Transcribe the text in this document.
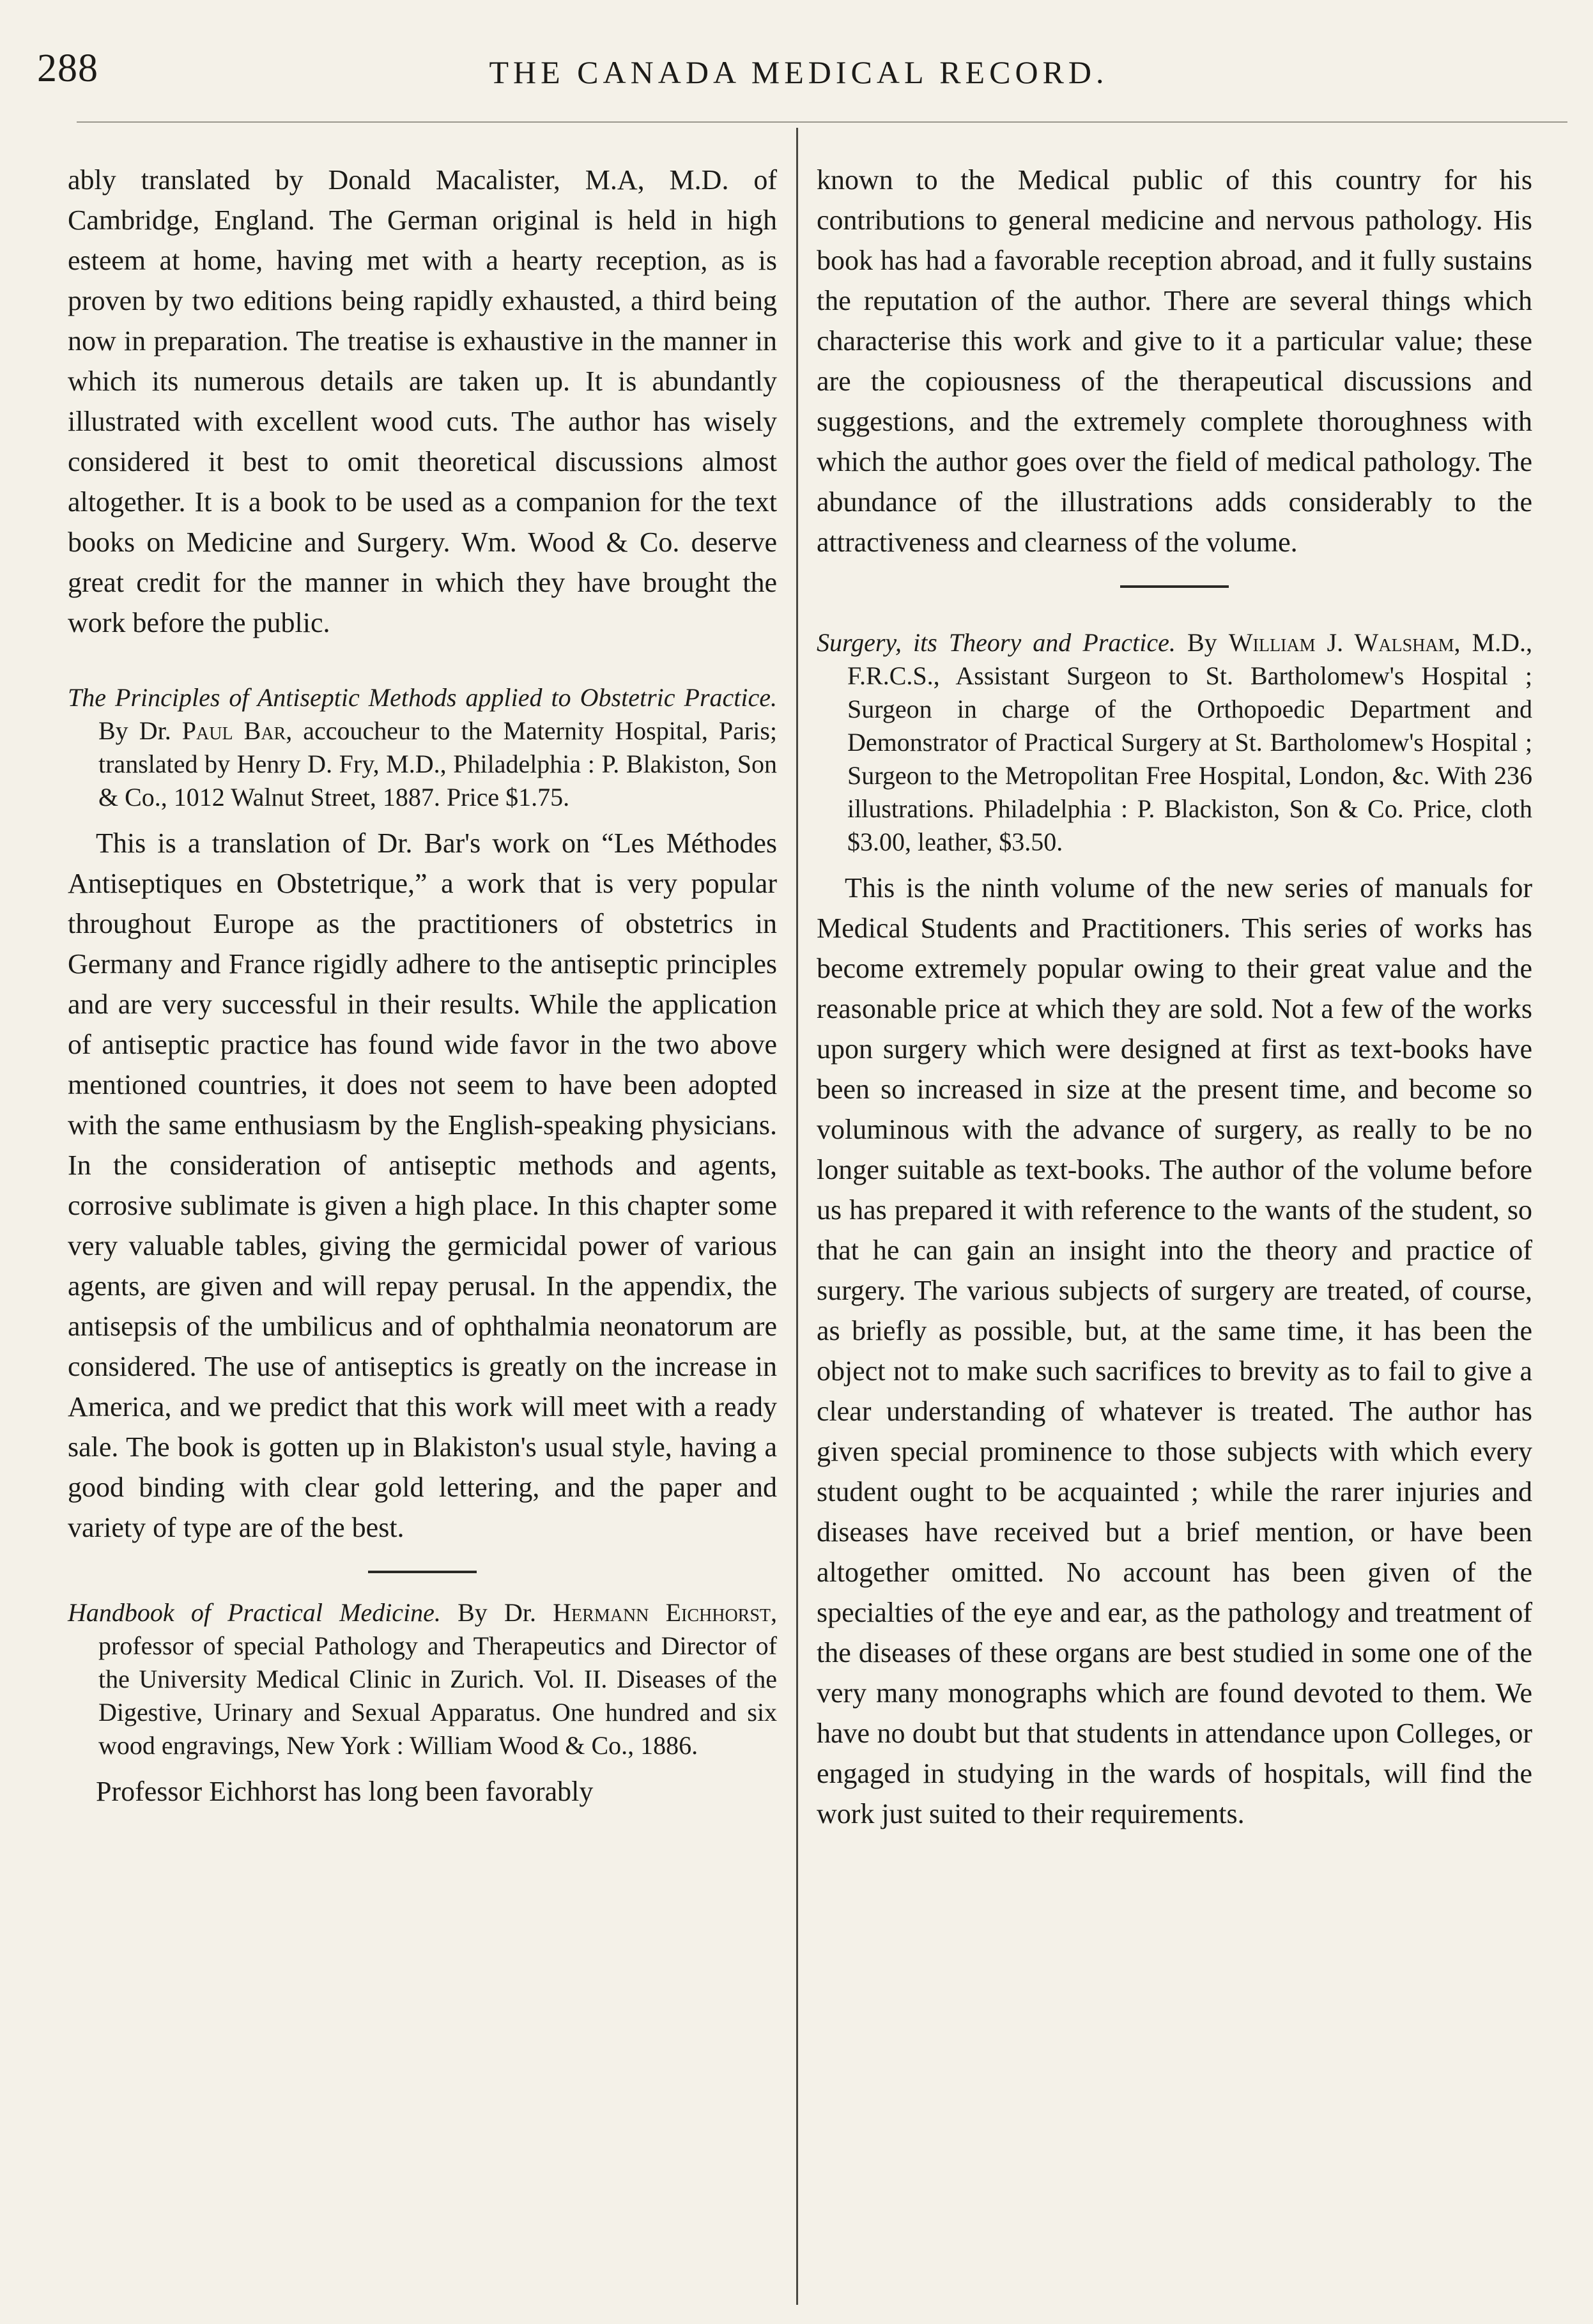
288	THE CANADA MEDICAL RECORD.

ably translated by Donald Macalister, M.A, M.D. of Cambridge, England. The German original is held in high esteem at home, having met with a hearty reception, as is proven by two editions being rapidly exhausted, a third being now in preparation. The treatise is exhaustive in the manner in which its numerous details are taken up. It is abundantly illustrated with excellent wood cuts. The author has wisely considered it best to omit theoretical discussions almost altogether. It is a book to be used as a companion for the text books on Medicine and Surgery. Wm. Wood & Co. deserve great credit for the manner in which they have brought the work before the public.

The Principles of Antiseptic Methods applied to Obstetric Practice. By Dr. Paul Bar, accoucheur to the Maternity Hospital, Paris; translated by Henry D. Fry, M.D., Philadelphia : P. Blakiston, Son & Co., 1012 Walnut Street, 1887. Price $1.75.

This is a translation of Dr. Bar's work on “Les Méthodes Antiseptiques en Obstetrique,” a work that is very popular throughout Europe as the practitioners of obstetrics in Germany and France rigidly adhere to the antiseptic principles and are very successful in their results. While the application of antiseptic practice has found wide favor in the two above mentioned countries, it does not seem to have been adopted with the same enthusiasm by the English-speaking physicians. In the consideration of antiseptic methods and agents, corrosive sublimate is given a high place. In this chapter some very valuable tables, giving the germicidal power of various agents, are given and will repay perusal. In the appendix, the antisepsis of the umbilicus and of ophthalmia neonatorum are considered. The use of antiseptics is greatly on the increase in America, and we predict that this work will meet with a ready sale. The book is gotten up in Blakiston's usual style, having a good binding with clear gold lettering, and the paper and variety of type are of the best.

Handbook of Practical Medicine. By Dr. Hermann Eichhorst, professor of special Pathology and Therapeutics and Director of the University Medical Clinic in Zurich. Vol. II. Diseases of the Digestive, Urinary and Sexual Apparatus. One hundred and six wood engravings, New York : William Wood & Co., 1886.

Professor Eichhorst has long been favorably

known to the Medical public of this country for his contributions to general medicine and nervous pathology. His book has had a favorable reception abroad, and it fully sustains the reputation of the author. There are several things which characterise this work and give to it a particular value; these are the copiousness of the therapeutical discussions and suggestions, and the extremely complete thoroughness with which the author goes over the field of medical pathology. The abundance of the illustrations adds considerably to the attractiveness and clearness of the volume.

Surgery, its Theory and Practice. By William J. Walsham, M.D., F.R.C.S., Assistant Surgeon to St. Bartholomew's Hospital ; Surgeon in charge of the Orthopoedic Department and Demonstrator of Practical Surgery at St. Bartholomew's Hospital ; Surgeon to the Metropolitan Free Hospital, London, &c. With 236 illustrations. Philadelphia : P. Blackiston, Son & Co. Price, cloth $3.00, leather, $3.50.

This is the ninth volume of the new series of manuals for Medical Students and Practitioners. This series of works has become extremely popular owing to their great value and the reasonable price at which they are sold. Not a few of the works upon surgery which were designed at first as text-books have been so increased in size at the present time, and become so voluminous with the advance of surgery, as really to be no longer suitable as text-books. The author of the volume before us has prepared it with reference to the wants of the student, so that he can gain an insight into the theory and practice of surgery. The various subjects of surgery are treated, of course, as briefly as possible, but, at the same time, it has been the object not to make such sacrifices to brevity as to fail to give a clear understanding of whatever is treated. The author has given special prominence to those subjects with which every student ought to be acquainted ; while the rarer injuries and diseases have received but a brief mention, or have been altogether omitted. No account has been given of the specialties of the eye and ear, as the pathology and treatment of the diseases of these organs are best studied in some one of the very many monographs which are found devoted to them. We have no doubt but that students in attendance upon Colleges, or engaged in studying in the wards of hospitals, will find the work just suited to their requirements.
